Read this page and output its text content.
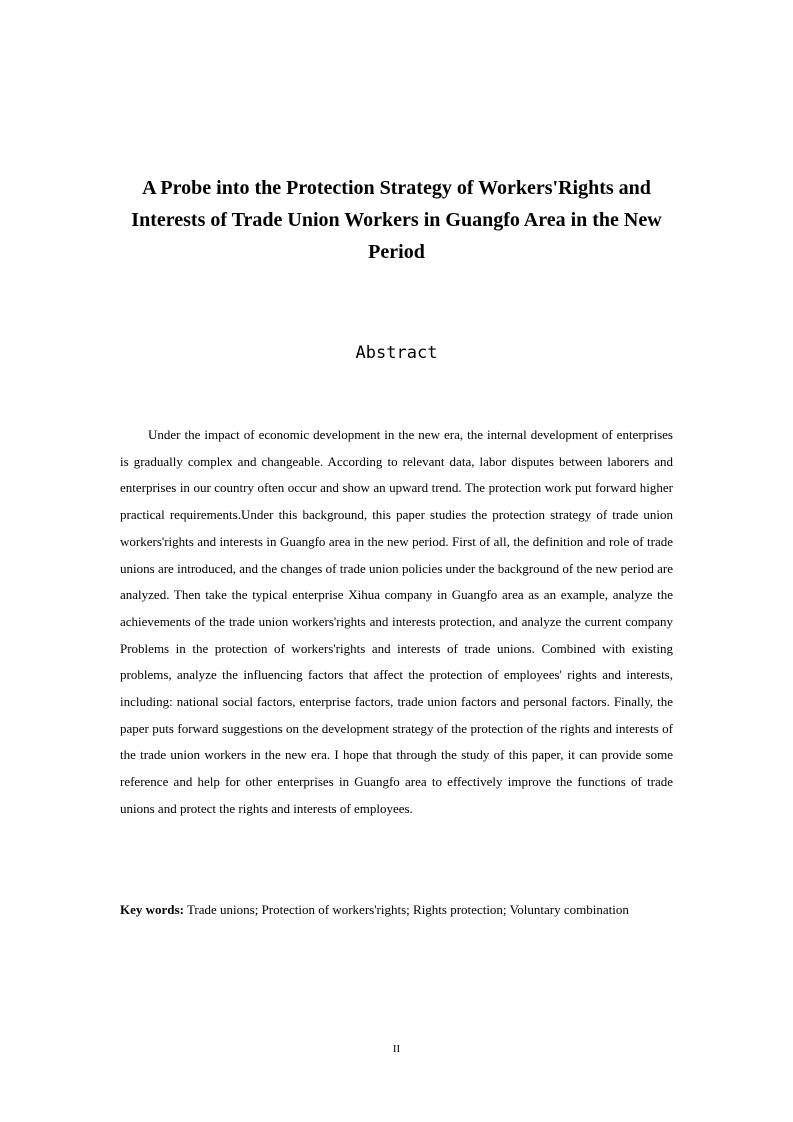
A Probe into the Protection Strategy of Workers'Rights and Interests of Trade Union Workers in Guangfo Area in the New Period
Abstract

Under the impact of economic development in the new era, the internal development of enterprises is gradually complex and changeable. According to relevant data, labor disputes between laborers and enterprises in our country often occur and show an upward trend. The protection work put forward higher practical requirements.Under this background, this paper studies the protection strategy of trade union workers'rights and interests in Guangfo area in the new period. First of all, the definition and role of trade unions are introduced, and the changes of trade union policies under the background of the new period are analyzed. Then take the typical enterprise Xihua company in Guangfo area as an example, analyze the achievements of the trade union workers'rights and interests protection, and analyze the current company Problems in the protection of workers'rights and interests of trade unions. Combined with existing problems, analyze the influencing factors that affect the protection of employees' rights and interests, including: national social factors, enterprise factors, trade union factors and personal factors. Finally, the paper puts forward suggestions on the development strategy of the protection of the rights and interests of the trade union workers in the new era. I hope that through the study of this paper, it can provide some reference and help for other enterprises in Guangfo area to effectively improve the functions of trade unions and protect the rights and interests of employees.

Key words: Trade unions; Protection of workers'rights; Rights protection; Voluntary combination

II
